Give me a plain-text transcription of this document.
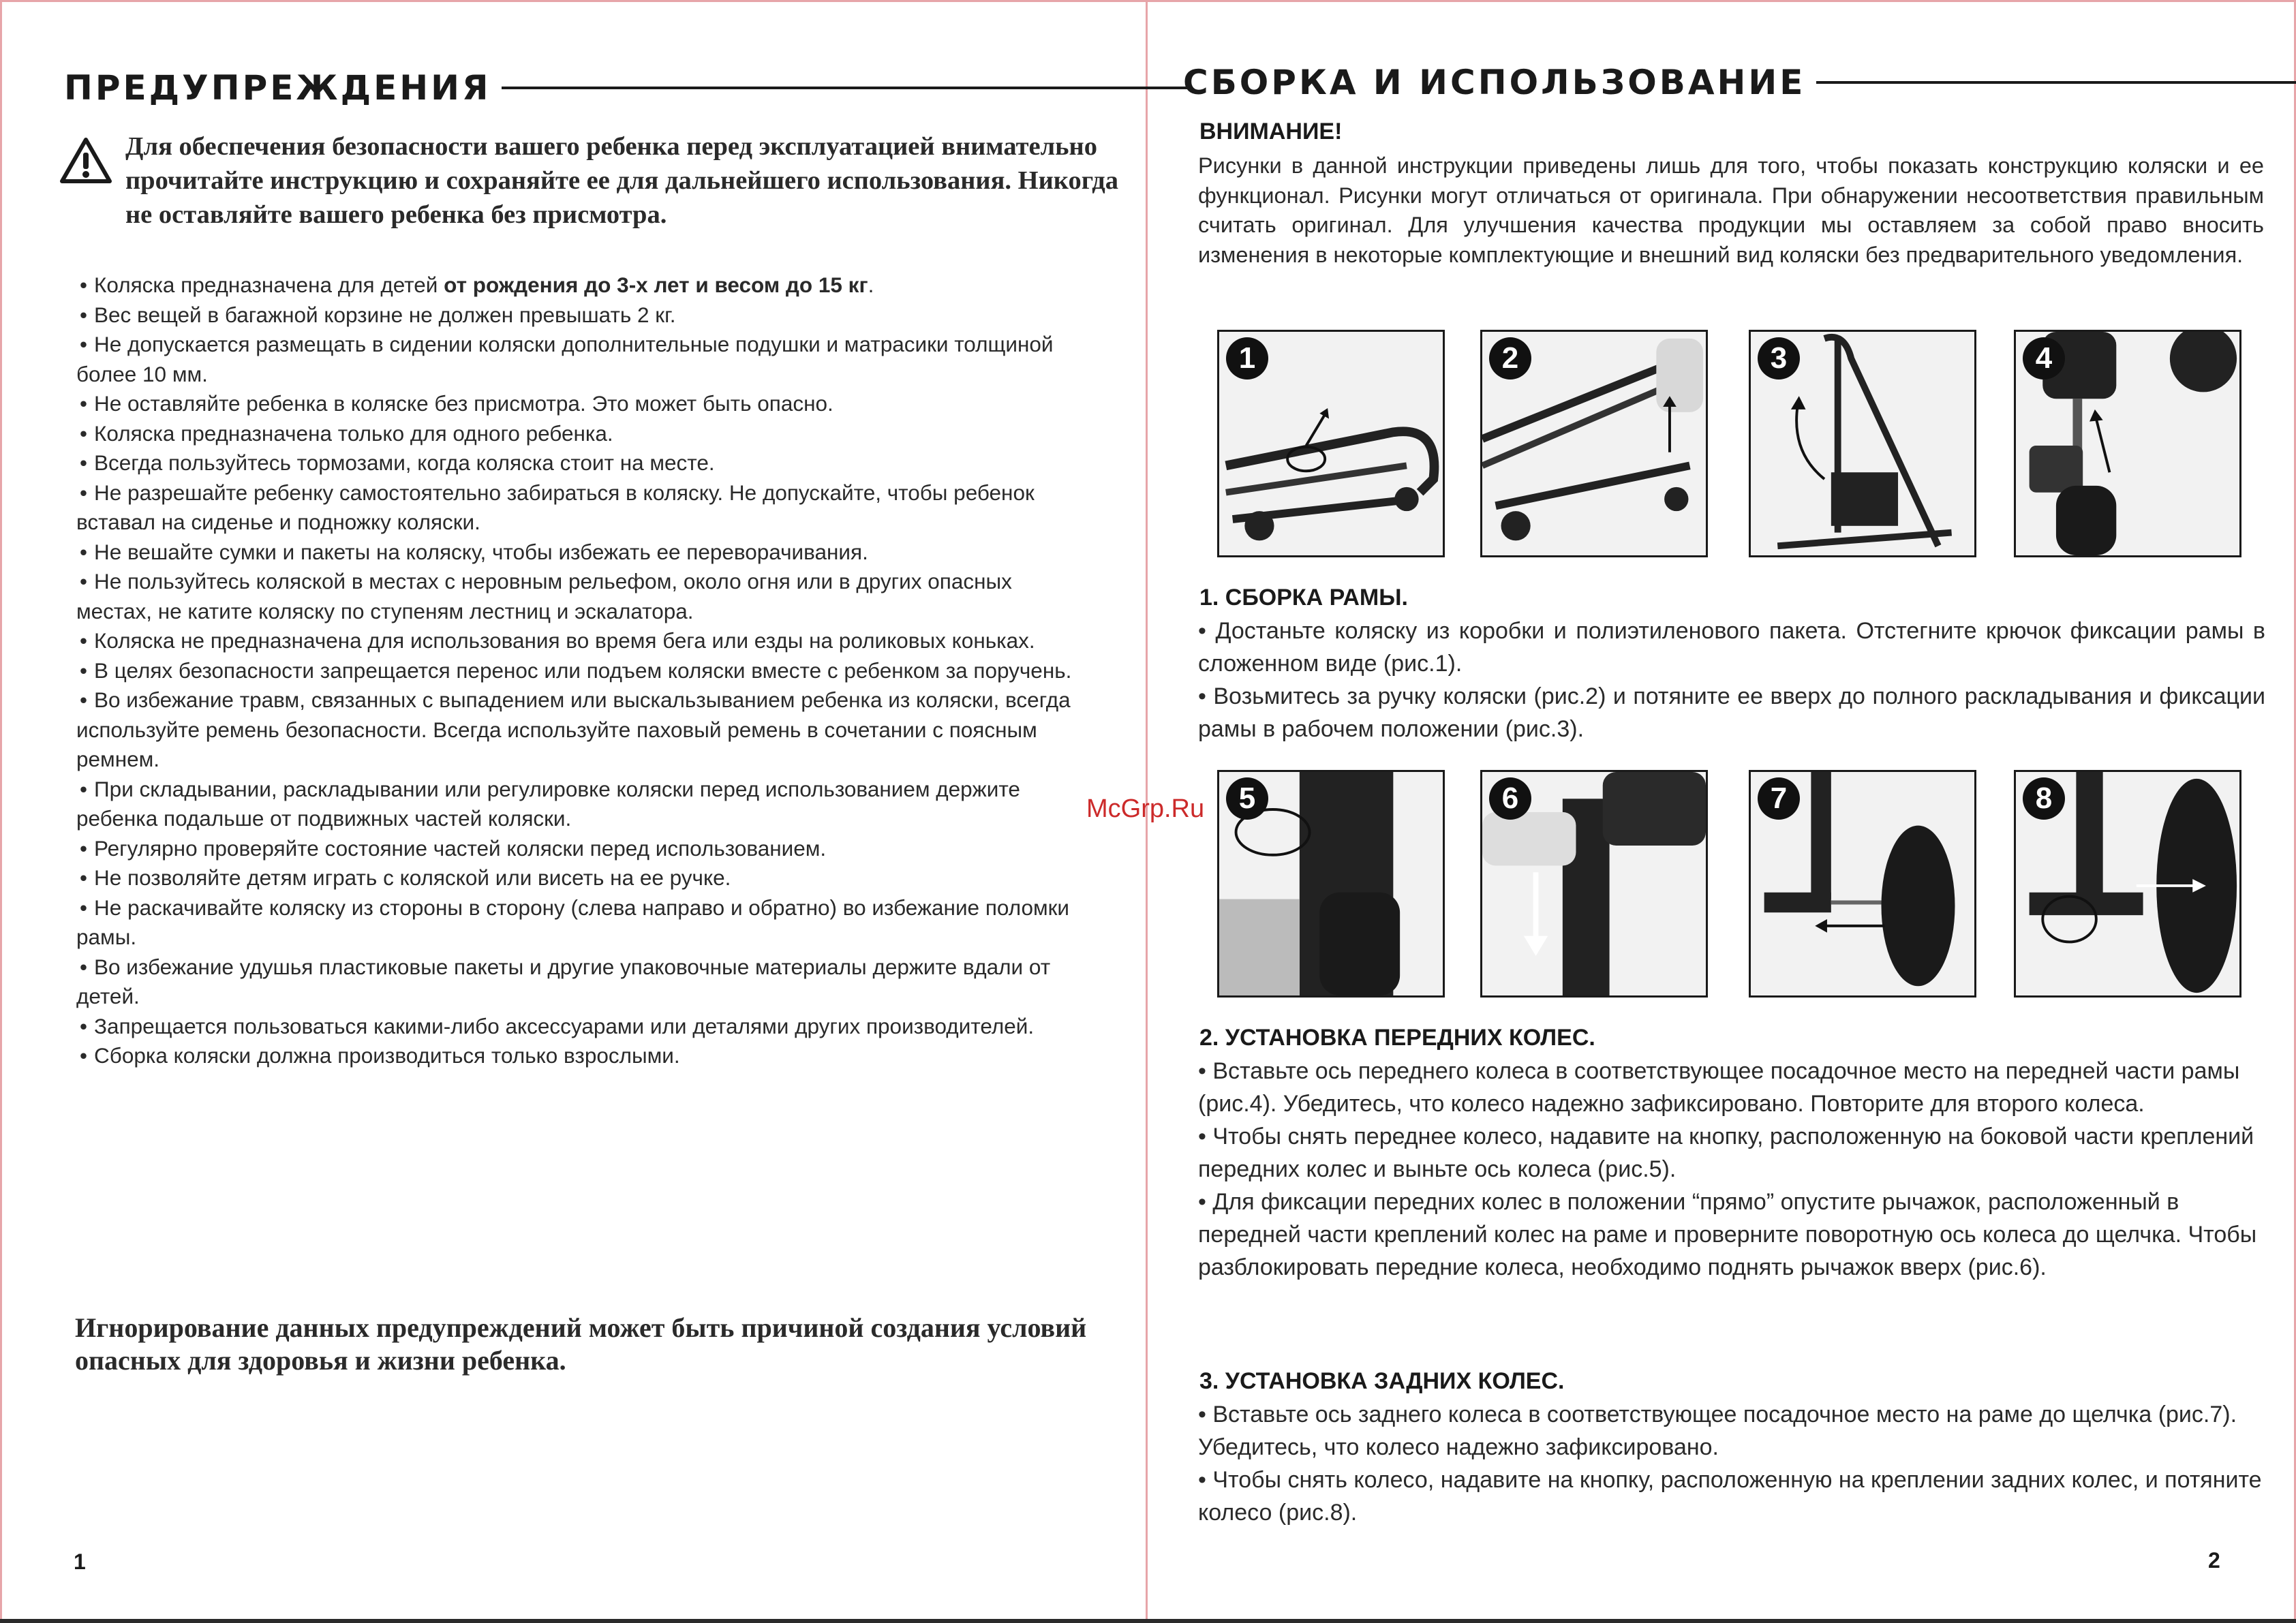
ПРЕДУПРЕЖДЕНИЯ
Для обеспечения безопасности вашего ребенка перед эксплуатацией внимательно прочитайте инструкцию и сохраняйте ее для дальнейшего использования. Никогда не оставляйте вашего ребенка без присмотра.
• Коляска предназначена для детей от рождения до 3-х лет и весом до 15 кг.
• Вес вещей в багажной корзине не должен превышать 2 кг.
• Не допускается размещать в сидении коляски дополнительные подушки и матрасики толщиной более 10 мм.
• Не оставляйте ребенка в коляске без присмотра. Это может быть опасно.
• Коляска предназначена только для одного ребенка.
• Всегда пользуйтесь тормозами, когда коляска стоит на месте.
• Не разрешайте ребенку самостоятельно забираться в коляску. Не допускайте, чтобы ребенок вставал на сиденье и подножку коляски.
• Не вешайте сумки и пакеты на коляску, чтобы избежать ее переворачивания.
• Не пользуйтесь коляской в местах с неровным рельефом, около огня или в других опасных местах, не катите коляску по ступеням лестниц и эскалатора.
• Коляска не предназначена для использования во время бега или езды на роликовых коньках.
• В целях безопасности запрещается перенос или подъем коляски вместе с ребенком за поручень.
• Во избежание травм, связанных с выпадением или выскальзыванием ребенка из коляски, всегда используйте ремень безопасности. Всегда используйте паховый ремень в сочетании с поясным ремнем.
• При складывании, раскладывании или регулировке коляски перед использованием держите ребенка подальше от подвижных частей коляски.
• Регулярно проверяйте состояние частей коляски перед использованием.
• Не позволяйте детям играть с коляской или висеть на ее ручке.
• Не раскачивайте коляску из стороны в сторону (слева направо и обратно) во избежание поломки рамы.
• Во избежание удушья пластиковые пакеты и другие упаковочные материалы держите вдали от детей.
• Запрещается пользоваться какими-либо аксессуарами или деталями других производителей.
• Сборка коляски должна производиться только взрослыми.
Игнорирование данных предупреждений может быть причиной создания условий опасных для здоровья и жизни ребенка.
1
СБОРКА И ИСПОЛЬЗОВАНИЕ
ВНИМАНИЕ!
Рисунки в данной инструкции приведены лишь для того, чтобы показать конструкцию коляски и ее функционал. Рисунки могут отличаться от оригинала. При обнаружении несоответствия правильным считать оригинал. Для улучшения качества продукции мы оставляем за собой право вносить изменения в некоторые комплектующие и внешний вид коляски без предварительного уведомления.
1	2	3	4
1. СБОРКА РАМЫ.

• Достаньте коляску из коробки и полиэтиленового пакета. Отстегните крючок фиксации рамы в сложенном виде (рис.1).

• Возьмитесь за ручку коляски (рис.2) и потяните ее вверх до полного раскладывания и фиксации рамы в рабочем положении (рис.3).

5	6	7	8
2. УСТАНОВКА ПЕРЕДНИХ КОЛЕС.

• Вставьте ось переднего колеса в соответствующее посадочное место на передней части рамы (рис.4). Убедитесь, что колесо надежно зафиксировано. Повторите для второго колеса.

• Чтобы снять переднее колесо, надавите на кнопку, расположенную на боковой части креплений передних колес и выньте ось колеса (рис.5).

• Для фиксации передних колес в положении “прямо” опустите рычажок, расположенный в передней части креплений колес на раме и проверните поворотную ось колеса до щелчка. Чтобы разблокировать передние колеса, необходимо поднять рычажок вверх (рис.6).

3. УСТАНОВКА ЗАДНИХ КОЛЕС.

• Вставьте ось заднего колеса в соответствующее посадочное место на раме до щелчка (рис.7). Убедитесь, что колесо надежно зафиксировано.

• Чтобы снять колесо, надавите на кнопку, расположенную на креплении задних колес, и потяните колесо (рис.8).

2
McGrp.Ru
